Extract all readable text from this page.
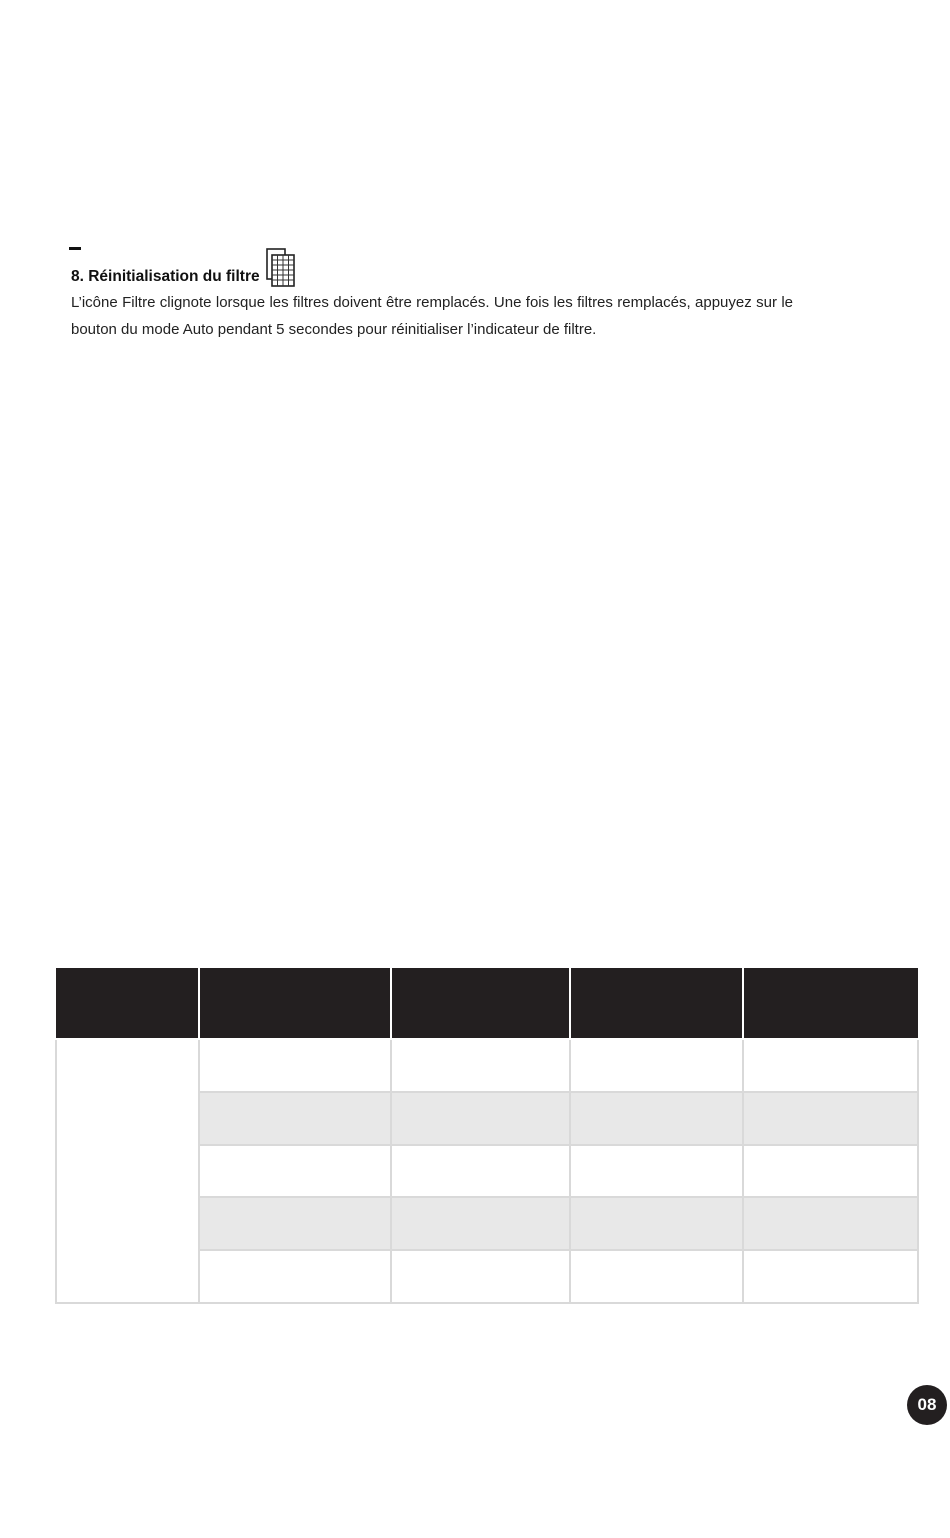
8. Réinitialisation du filtre

L’icône Filtre clignote lorsque les filtres doivent être remplacés. Une fois les filtres remplacés, appuyez sur le bouton du mode Auto pendant 5 secondes pour réinitialiser l’indicateur de filtre.

08
